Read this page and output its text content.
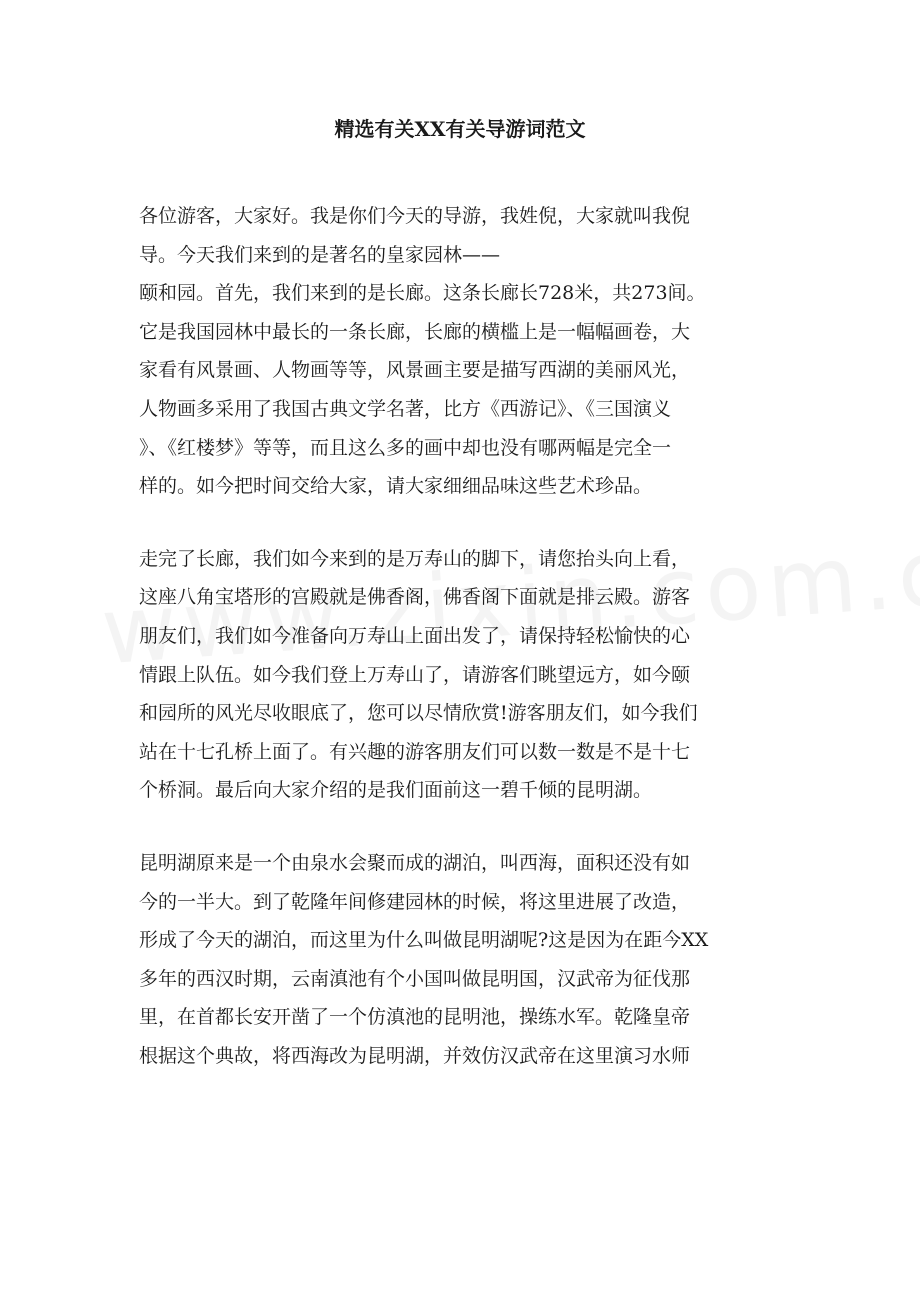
精选有关XX有关导游词范文

各位游客，大家好。我是你们今天的导游，我姓倪，大家就叫我倪
导。今天我们来到的是著名的皇家园林——
颐和园。首先，我们来到的是长廊。这条长廊长728米，共273间。
它是我国园林中最长的一条长廊，长廊的横槛上是一幅幅画卷，大
家看有风景画、人物画等等，风景画主要是描写西湖的美丽风光，
人物画多采用了我国古典文学名著，比方《西游记》、《三国演义
》、《红楼梦》等等，而且这么多的画中却也没有哪两幅是完全一
样的。如今把时间交给大家，请大家细细品味这些艺术珍品。

走完了长廊，我们如今来到的是万寿山的脚下，请您抬头向上看，
这座八角宝塔形的宫殿就是佛香阁，佛香阁下面就是排云殿。游客
朋友们，我们如今准备向万寿山上面出发了，请保持轻松愉快的心
情跟上队伍。如今我们登上万寿山了，请游客们眺望远方，如今颐
和园所的风光尽收眼底了，您可以尽情欣赏!游客朋友们，如今我们
站在十七孔桥上面了。有兴趣的游客朋友们可以数一数是不是十七
个桥洞。最后向大家介绍的是我们面前这一碧千倾的昆明湖。

昆明湖原来是一个由泉水会聚而成的湖泊，叫西海，面积还没有如
今的一半大。到了乾隆年间修建园林的时候，将这里进展了改造，
形成了今天的湖泊，而这里为什么叫做昆明湖呢?这是因为在距今XX
多年的西汉时期，云南滇池有个小国叫做昆明国，汉武帝为征伐那
里，在首都长安开凿了一个仿滇池的昆明池，操练水军。乾隆皇帝
根据这个典故，将西海改为昆明湖，并效仿汉武帝在这里演习水师
